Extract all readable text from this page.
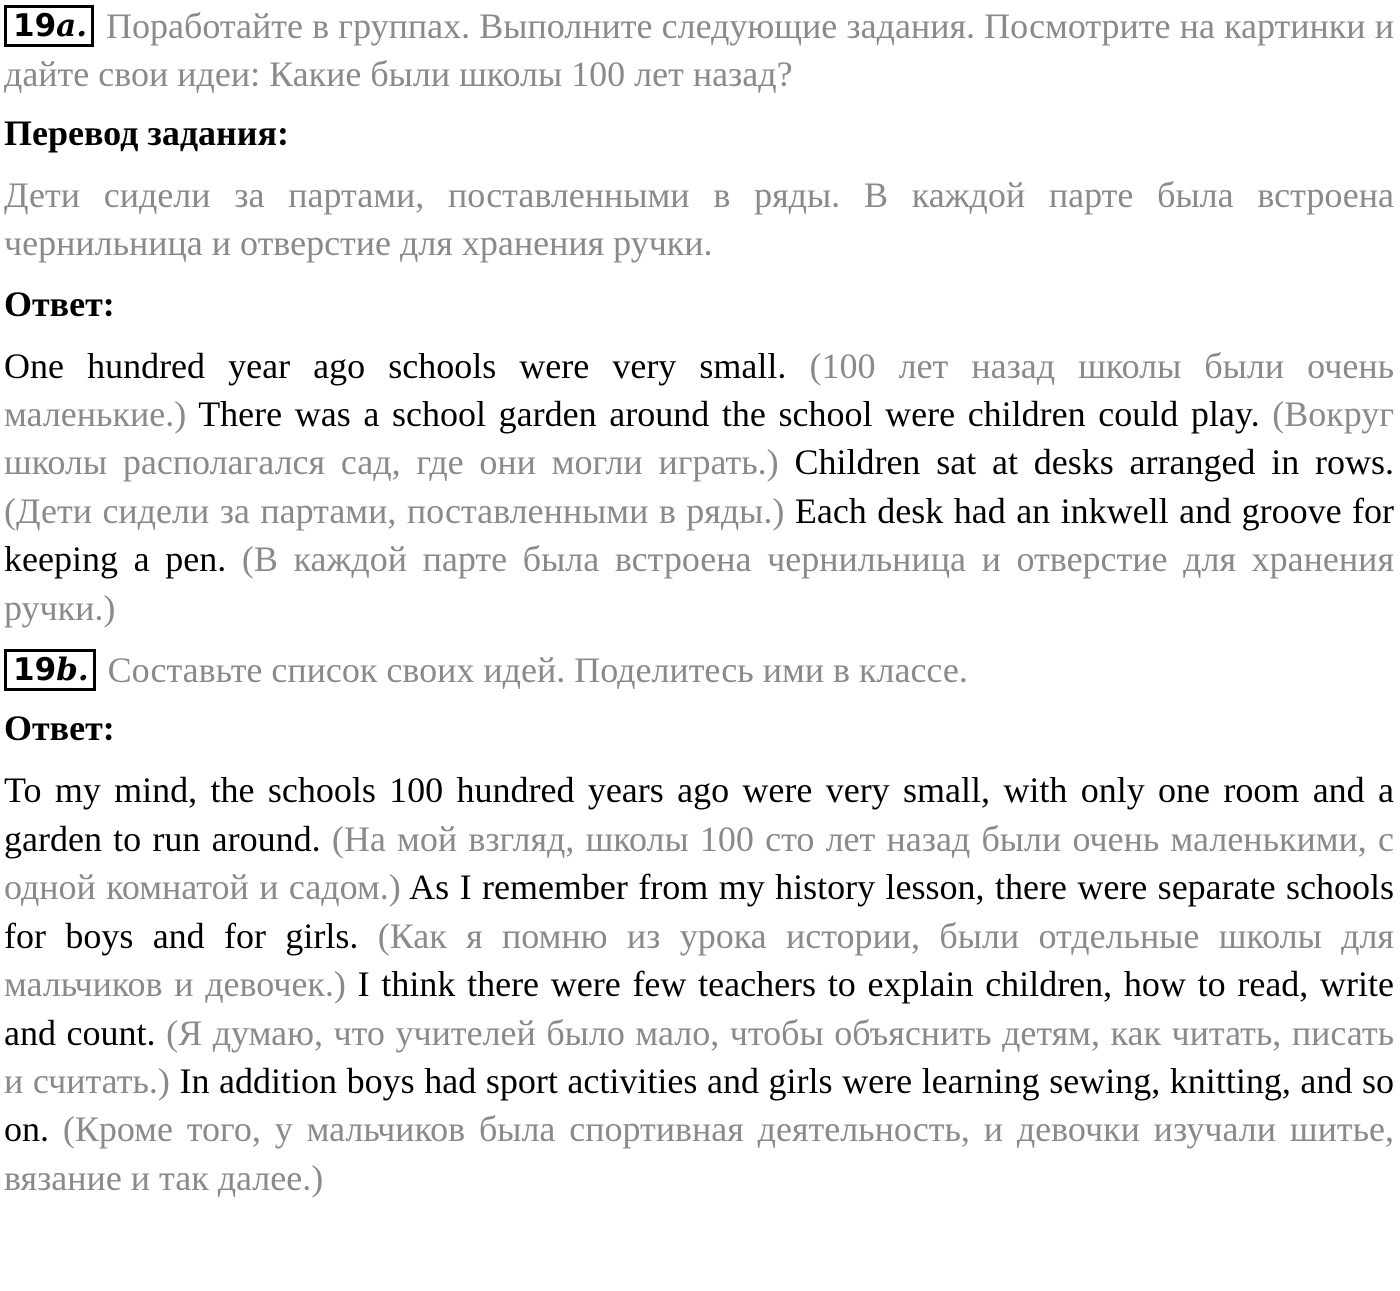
19a. Поработайте в группах. Выполните следующие задания. Посмотрите на картинки и дайте свои идеи: Какие были школы 100 лет назад?

Перевод задания:

Дети сидели за партами, поставленными в ряды. В каждой парте была встроена чернильница и отверстие для хранения ручки.

Ответ:

One hundred year ago schools were very small. (100 лет назад школы были очень маленькие.) There was a school garden around the school were children could play. (Вокруг школы располагался сад, где они могли играть.) Children sat at desks arranged in rows. (Дети сидели за партами, поставленными в ряды.) Each desk had an inkwell and groove for keeping a pen. (В каждой парте была встроена чернильница и отверстие для хранения ручки.)

19b. Составьте список своих идей. Поделитесь ими в классе.

Ответ:

To my mind, the schools 100 hundred years ago were very small, with only one room and a garden to run around. (На мой взгляд, школы 100 сто лет назад были очень маленькими, с одной комнатой и садом.) As I remember from my history lesson, there were separate schools for boys and for girls. (Как я помню из урока истории, были отдельные школы для мальчиков и девочек.) I think there were few teachers to explain children, how to read, write and count. (Я думаю, что учителей было мало, чтобы объяснить детям, как читать, писать и считать.) In addition boys had sport activities and girls were learning sewing, knitting, and so on. (Кроме того, у мальчиков была спортивная деятельность, и девочки изучали шитье, вязание и так далее.)
